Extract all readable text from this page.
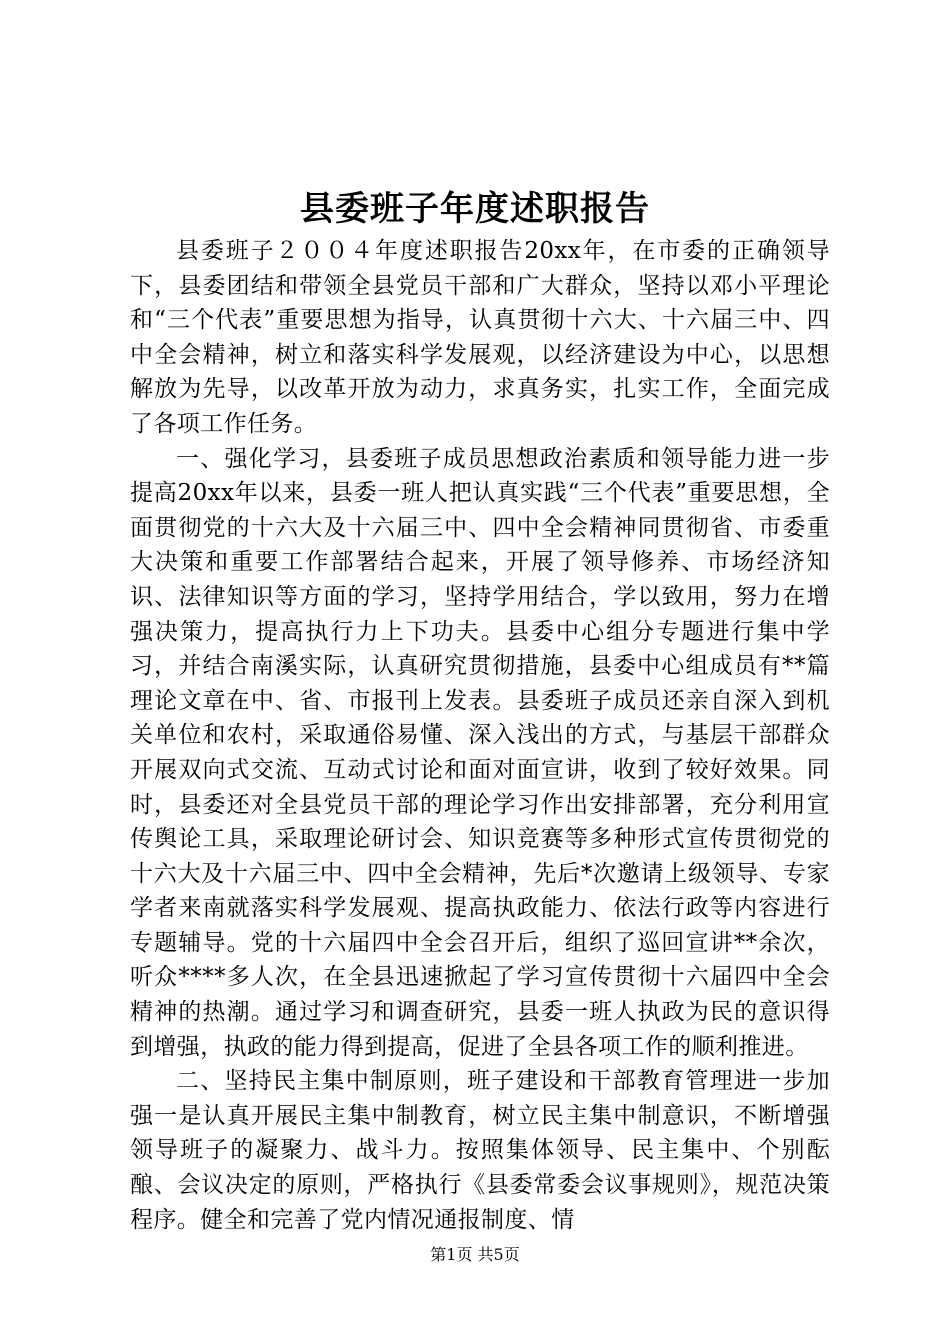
县委班子年度述职报告

县委班子２００４年度述职报告20xx年，在市委的正确领导下，县委团结和带领全县党员干部和广大群众，坚持以邓小平理论和“三个代表”重要思想为指导，认真贯彻十六大、十六届三中、四中全会精神，树立和落实科学发展观，以经济建设为中心，以思想解放为先导，以改革开放为动力，求真务实，扎实工作，全面完成了各项工作任务。

一、强化学习，县委班子成员思想政治素质和领导能力进一步提高20xx年以来，县委一班人把认真实践“三个代表”重要思想，全面贯彻党的十六大及十六届三中、四中全会精神同贯彻省、市委重大决策和重要工作部署结合起来，开展了领导修养、市场经济知识、法律知识等方面的学习，坚持学用结合，学以致用，努力在增强决策力，提高执行力上下功夫。县委中心组分专题进行集中学习，并结合南溪实际，认真研究贯彻措施，县委中心组成员有**篇理论文章在中、省、市报刊上发表。县委班子成员还亲自深入到机关单位和农村，采取通俗易懂、深入浅出的方式，与基层干部群众开展双向式交流、互动式讨论和面对面宣讲，收到了较好效果。同时，县委还对全县党员干部的理论学习作出安排部署，充分利用宣传舆论工具，采取理论研讨会、知识竞赛等多种形式宣传贯彻党的十六大及十六届三中、四中全会精神，先后*次邀请上级领导、专家学者来南就落实科学发展观、提高执政能力、依法行政等内容进行专题辅导。党的十六届四中全会召开后，组织了巡回宣讲**余次，听众****多人次，在全县迅速掀起了学习宣传贯彻十六届四中全会精神的热潮。通过学习和调查研究，县委一班人执政为民的意识得到增强，执政的能力得到提高，促进了全县各项工作的顺利推进。

二、坚持民主集中制原则，班子建设和干部教育管理进一步加强一是认真开展民主集中制教育，树立民主集中制意识，不断增强领导班子的凝聚力、战斗力。按照集体领导、民主集中、个别酝酿、会议决定的原则，严格执行《县委常委会议事规则》，规范决策程序。健全和完善了党内情况通报制度、情

第1页 共5页
